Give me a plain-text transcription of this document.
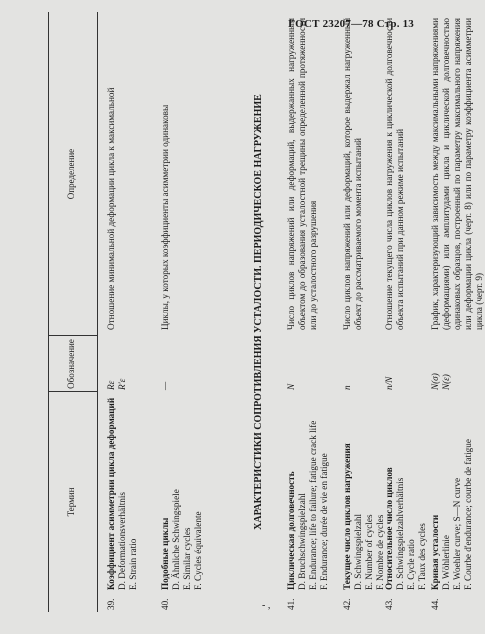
ГОСТ 23207—78 Стр. 13
Термин
Обозначение
Определение
39.
Коэффициент асимметрии цикла деформаций D. Deformationsverhältnis
E. Strain ratio
Rε
R'ε
Отношение минимальной деформации цикла к максимальной
40.
Подобные циклы D. Ähnliche Schwingspiele
E. Similar cycles
F. Cycles équivalente
—
Циклы, у которых коэффициенты асимметрии одинаковы	ХАРАКТЕРИСТИКИ СОПРОТИВЛЕНИЯ УСТАЛОСТИ. ПЕРИОДИЧЕСКОЕ НАГРУЖЕНИЕ
41.
Циклическая долговечность D. Bruchschwingspielzahl
E. Endurance; life to failure; fatigue crack life
F. Endurance; durée de vie en fatigue
N
Число циклов напряжений или деформаций, выдержанных нагруженным объектом до образования усталостной трещины определенной протяженности или до усталостного разрушения
42.
Текущее число циклов нагружения D. Schwingspielzahl
E. Number of cycles
F. Nombre de cycles
n
Число циклов напряжений или деформаций, которое выдержал нагруженный объект до рассматриваемого момента испытаний
43.
Относительное число циклов D. Schwingspielzahlverhältnis
E. Cycle ratio
F. Taux des cycles
n/N
Отношение текущего числа циклов нагружения к циклической долговечности объекта испытаний при данном режиме испытаний
44.
Кривая усталости D. Wöhlerlinie
E. Woehler curve; S—N curve
F. Courbe d'endurance; courbe de fatigue
N(σ)
N(ε)
График, характеризующий зависимость между максимальными напряжениями (деформациями) или амплитудами цикла и циклической долговечностью одинаковых образцов, построенный по параметру максимального напряжения или деформации цикла (черт. 8) или по параметру коэффициента асимметрии цикла (черт. 9)
- ,
